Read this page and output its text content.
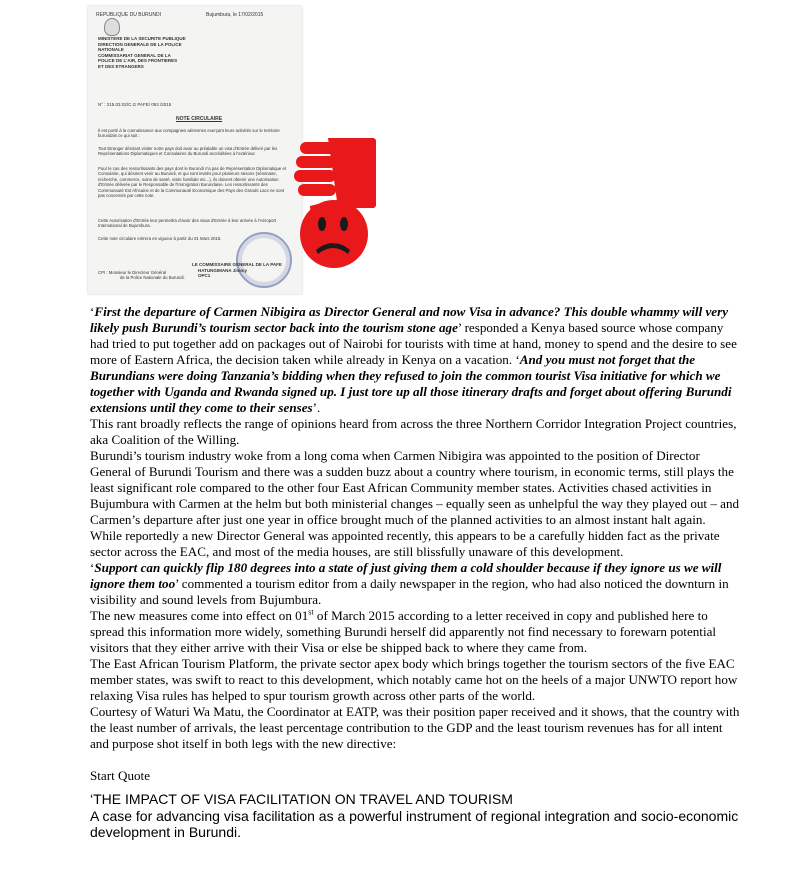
REPUBLIQUE DU BURUNDI	Bujumbura, le 17/02/2015
MINISTERE DE LA SECURITE PUBLIQUE
DIRECTION GENERALE DE LA POLICE
NATIONALE
COMMISSARIAT GENERAL DE LA
POLICE DE L'AIR, DES FRONTIERES
ET DES ETRANGERS
N° : 215.03.02/C.G PAFE/ 053 /2015
NOTE CIRCULAIRE
Il est porté à la connaissance aux compagnies aériennes exerçant leurs activités sur le territoire burundais ce qui suit :
Tout Etranger désirant visiter notre pays doit avoir au préalable un visa d'Entrée délivré par les Représentations Diplomatiques et Consulaires du Burundi accréditées à l'extérieur.
Pour le cas des ressortissants des pays dont le Burundi n'a pas de Représentation Diplomatique et Consulaire, qui désirent venir au Burundi, et qui sont invités pour plusieurs raisons (séminaire, recherche, commerce, soins de santé, visite familiale etc...), ils doivent obtenir une Autorisation d'Entrée délivrée par le Responsable de l'Immigration Burundaise. Les ressortissants des Communauté Est Africaine et de la Communauté Economique des Pays des Grands Lacs ne sont pas concernés par cette note.
Cette Autorisation d'Entrée leur permettra d'avoir des visas d'Entrée à leur arrivée à l'Aéroport International de Bujumbura.
Cette note circulaire entrera en vigueur à partir du 01 Mars 2015.
LE COMMISSAIRE GENERAL DE LA PAFE
HATUNGIMANA Jimmy
OPC1
CPI : Monsieur le Directeur Général
de la Police Nationale du Burundi.

‘First the departure of Carmen Nibigira as Director General and now Visa in advance? This double whammy will very likely push Burundi’s tourism sector back into the tourism stone age’ responded a Kenya based source whose company had tried to put together add on packages out of Nairobi for tourists with time at hand, money to spend and the desire to see more of Eastern Africa, the decision taken while already in Kenya on a vacation. ‘And you must not forget that the Burundians were doing Tanzania’s bidding when they refused to join the common tourist Visa initiative for which we together with Uganda and Rwanda signed up. I just tore up all those itinerary drafts and forget about offering Burundi extensions until they come to their senses’.

This rant broadly reflects the range of opinions heard from across the three Northern Corridor Integration Project countries, aka Coalition of the Willing.

Burundi’s tourism industry woke from a long coma when Carmen Nibigira was appointed to the position of Director General of Burundi Tourism and there was a sudden buzz about a country where tourism, in economic terms, still plays the least significant role compared to the other four East African Community member states. Activities chased activities in Bujumbura with Carmen at the helm but both ministerial changes – equally seen as unhelpful the way they played out – and Carmen’s departure after just one year in office brought much of the planned activities to an almost instant halt again.

While reportedly a new Director General was appointed recently, this appears to be a carefully hidden fact as the private sector across the EAC, and most of the media houses, are still blissfully unaware of this development.

‘Support can quickly flip 180 degrees into a state of just giving them a cold shoulder because if they ignore us we will ignore them too’ commented a tourism editor from a daily newspaper in the region, who had also noticed the downturn in visibility and sound levels from Bujumbura.

The new measures come into effect on 01st of March 2015 according to a letter received in copy and published here to spread this information more widely, something Burundi herself did apparently not find necessary to forewarn potential visitors that they either arrive with their Visa or else be shipped back to where they came from.

The East African Tourism Platform, the private sector apex body which brings together the tourism sectors of the five EAC member states, was swift to react to this development, which notably came hot on the heels of a major UNWTO report how relaxing Visa rules has helped to spur tourism growth across other parts of the world.

Courtesy of Waturi Wa Matu, the Coordinator at EATP, was their position paper received and it shows, that the country with the least number of arrivals, the least percentage contribution to the GDP and the least tourism revenues has for all intent and purpose shot itself in both legs with the new directive:

Start Quote

‘THE IMPACT OF VISA FACILITATION ON TRAVEL AND TOURISM

A case for advancing visa facilitation as a powerful instrument of regional integration and socio-economic development in Burundi.
